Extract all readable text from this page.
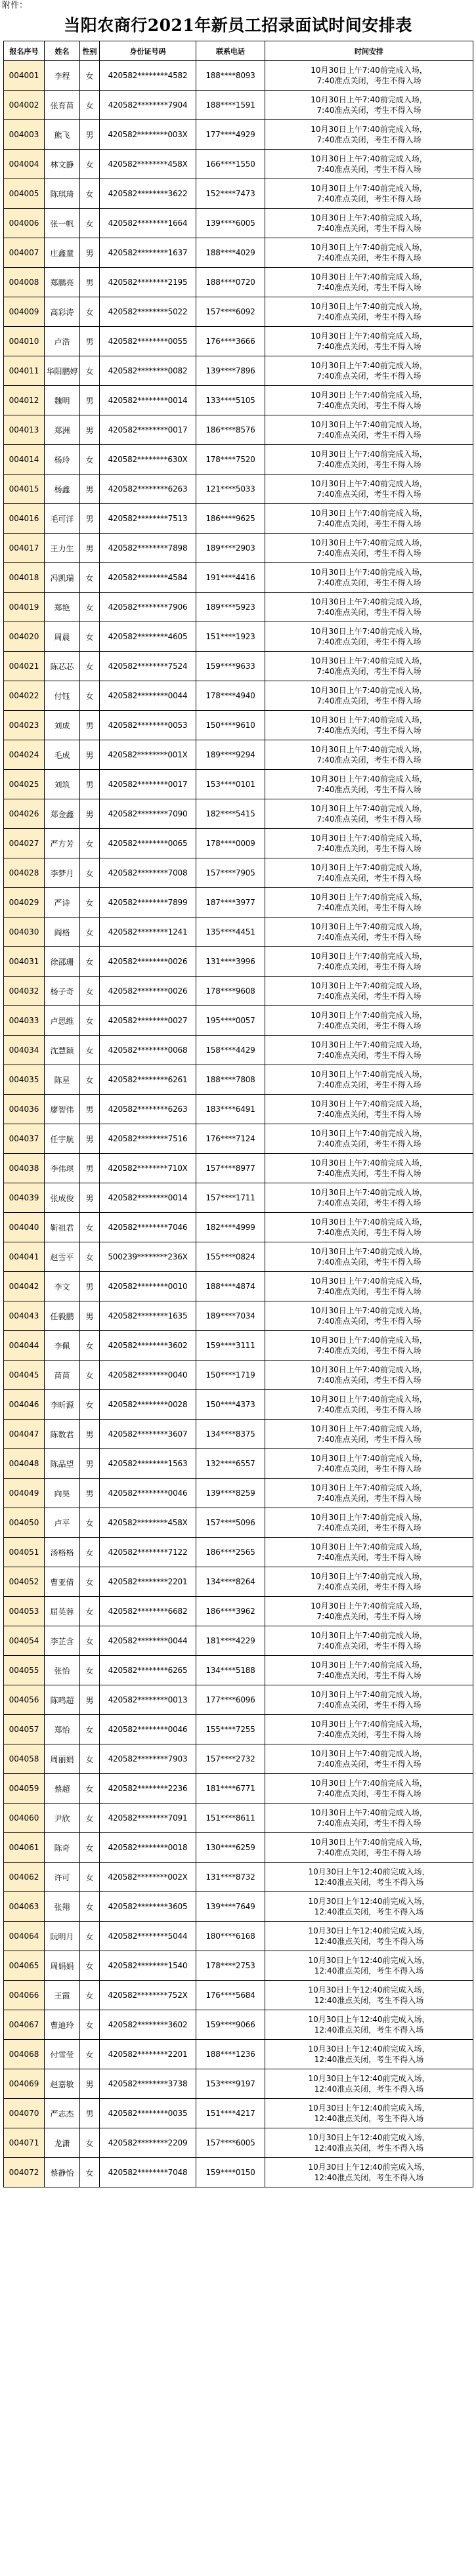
附件：
当阳农商行2021年新员工招录面试时间安排表
报名序号	姓名	性别	身份证号码	联系电话	时间安排
004001	李程	女	420582********4582	188****8093	10月30日上午7:40前完成入场，
7:40准点关闭，考生不得入场

004002	张育苗	女	420582********7904	188****1591	10月30日上午7:40前完成入场，
7:40准点关闭，考生不得入场

004003	熊飞	男	420582********003X	177****4929	10月30日上午7:40前完成入场，
7:40准点关闭，考生不得入场

004004	林文静	女	420582********458X	166****1550	10月30日上午7:40前完成入场，
7:40准点关闭，考生不得入场

004005	陈琪琦	女	420582********3622	152****7473	10月30日上午7:40前完成入场，
7:40准点关闭，考生不得入场

004006	张一帆	女	420582********1664	139****6005	10月30日上午7:40前完成入场，
7:40准点关闭，考生不得入场

004007	庄鑫童	男	420582********1637	188****4029	10月30日上午7:40前完成入场，
7:40准点关闭，考生不得入场

004008	郑鹏亮	男	420582********2195	188****0720	10月30日上午7:40前完成入场，
7:40准点关闭，考生不得入场

004009	高彩涛	女	420582********5022	157****6092	10月30日上午7:40前完成入场，
7:40准点关闭，考生不得入场

004010	卢浩	男	420582********0055	176****3666	10月30日上午7:40前完成入场，
7:40准点关闭，考生不得入场

004011	华阳鹏婷	女	420582********0082	139****7896	10月30日上午7:40前完成入场，
7:40准点关闭，考生不得入场

004012	魏明	男	420582********0014	133****5105	10月30日上午7:40前完成入场，
7:40准点关闭，考生不得入场

004013	郑洲	男	420582********0017	186****8576	10月30日上午7:40前完成入场，
7:40准点关闭，考生不得入场

004014	杨玲	女	420582********630X	178****7520	10月30日上午7:40前完成入场，
7:40准点关闭，考生不得入场

004015	杨鑫	男	420582********6263	121****5033	10月30日上午7:40前完成入场，
7:40准点关闭，考生不得入场

004016	毛可洋	男	420582********7513	186****9625	10月30日上午7:40前完成入场，
7:40准点关闭，考生不得入场

004017	王力生	男	420582********7898	189****2903	10月30日上午7:40前完成入场，
7:40准点关闭，考生不得入场

004018	冯凯瑞	女	420582********4584	191****4416	10月30日上午7:40前完成入场，
7:40准点关闭，考生不得入场

004019	郑艳	女	420582********7906	189****5923	10月30日上午7:40前完成入场，
7:40准点关闭，考生不得入场

004020	周晨	女	420582********4605	151****1923	10月30日上午7:40前完成入场，
7:40准点关闭，考生不得入场

004021	陈芯芯	女	420582********7524	159****9633	10月30日上午7:40前完成入场，
7:40准点关闭，考生不得入场

004022	付钰	女	420582********0044	178****4940	10月30日上午7:40前完成入场，
7:40准点关闭，考生不得入场

004023	刘成	男	420582********0053	150****9610	10月30日上午7:40前完成入场，
7:40准点关闭，考生不得入场

004024	毛成	男	420582********001X	189****9294	10月30日上午7:40前完成入场，
7:40准点关闭，考生不得入场

004025	刘筑	男	420582********0017	153****0101	10月30日上午7:40前完成入场，
7:40准点关闭，考生不得入场

004026	郑金鑫	男	420582********7090	182****5415	10月30日上午7:40前完成入场，
7:40准点关闭，考生不得入场

004027	严方芳	女	420582********0065	178****0009	10月30日上午7:40前完成入场，
7:40准点关闭，考生不得入场

004028	李梦月	女	420582********7008	157****7905	10月30日上午7:40前完成入场，
7:40准点关闭，考生不得入场

004029	严诗	女	420582********7899	187****3977	10月30日上午7:40前完成入场，
7:40准点关闭，考生不得入场

004030	阎格	女	420582********1241	135****4451	10月30日上午7:40前完成入场，
7:40准点关闭，考生不得入场

004031	徐邵珊	女	420582********0026	131****3996	10月30日上午7:40前完成入场，
7:40准点关闭，考生不得入场

004032	杨子奇	女	420582********0026	178****9608	10月30日上午7:40前完成入场，
7:40准点关闭，考生不得入场

004033	卢思维	女	420582********0027	195****0057	10月30日上午7:40前完成入场，
7:40准点关闭，考生不得入场

004034	沈慧颖	女	420582********0068	158****4429	10月30日上午7:40前完成入场，
7:40准点关闭，考生不得入场

004035	陈星	女	420582********6261	188****7808	10月30日上午7:40前完成入场，
7:40准点关闭，考生不得入场

004036	廖智伟	男	420582********6263	183****6491	10月30日上午7:40前完成入场，
7:40准点关闭，考生不得入场

004037	任宇航	男	420582********7516	176****7124	10月30日上午7:40前完成入场，
7:40准点关闭，考生不得入场

004038	李伟琪	男	420582********710X	157****8977	10月30日上午7:40前完成入场，
7:40准点关闭，考生不得入场

004039	张成俊	男	420582********0014	157****1711	10月30日上午7:40前完成入场，
7:40准点关闭，考生不得入场

004040	靳祖君	女	420582********7046	182****4999	10月30日上午7:40前完成入场，
7:40准点关闭，考生不得入场

004041	赵雪平	女	500239********236X	155****0824	10月30日上午7:40前完成入场，
7:40准点关闭，考生不得入场

004042	李文	男	420582********0010	188****4874	10月30日上午7:40前完成入场，
7:40准点关闭，考生不得入场

004043	任毅鹏	男	420582********1635	189****7034	10月30日上午7:40前完成入场，
7:40准点关闭，考生不得入场

004044	李佩	女	420582********3602	159****3111	10月30日上午7:40前完成入场，
7:40准点关闭，考生不得入场

004045	苗苗	女	420582********0040	150****1719	10月30日上午7:40前完成入场，
7:40准点关闭，考生不得入场

004046	李昕源	女	420582********0028	150****4373	10月30日上午7:40前完成入场，
7:40准点关闭，考生不得入场

004047	陈数君	男	420582********3607	134****8375	10月30日上午7:40前完成入场，
7:40准点关闭，考生不得入场

004048	陈品望	男	420582********1563	132****6557	10月30日上午7:40前完成入场，
7:40准点关闭，考生不得入场

004049	向昊	男	420582********0046	139****8259	10月30日上午7:40前完成入场，
7:40准点关闭，考生不得入场

004050	卢平	女	420582********458X	157****5096	10月30日上午7:40前完成入场，
7:40准点关闭，考生不得入场

004051	汤格格	女	420582********7122	186****2565	10月30日上午7:40前完成入场，
7:40准点关闭，考生不得入场

004052	曹亚倩	女	420582********2201	134****8264	10月30日上午7:40前完成入场，
7:40准点关闭，考生不得入场

004053	屈英蓉	女	420582********6682	186****3962	10月30日上午7:40前完成入场，
7:40准点关闭，考生不得入场

004054	李芷含	女	420582********0044	181****4229	10月30日上午7:40前完成入场，
7:40准点关闭，考生不得入场

004055	张怡	女	420582********6265	134****5188	10月30日上午7:40前完成入场，
7:40准点关闭，考生不得入场

004056	陈鸣超	男	420582********0013	177****6096	10月30日上午7:40前完成入场，
7:40准点关闭，考生不得入场

004057	郑怡	女	420582********0046	155****7255	10月30日上午7:40前完成入场，
7:40准点关闭，考生不得入场

004058	周丽娟	女	420582********7903	157****2732	10月30日上午7:40前完成入场，
7:40准点关闭，考生不得入场

004059	蔡超	女	420582********2236	181****6771	10月30日上午7:40前完成入场，
7:40准点关闭，考生不得入场

004060	尹欣	女	420582********7091	151****8611	10月30日上午7:40前完成入场，
7:40准点关闭，考生不得入场

004061	陈奇	女	420582********0018	130****6259	10月30日上午7:40前完成入场，
7:40准点关闭，考生不得入场

004062	许可	女	420582********002X	131****8732	10月30日上午12:40前完成入场，
12:40准点关闭，考生不得入场

004063	张翔	女	420582********3605	139****7649	10月30日上午12:40前完成入场，
12:40准点关闭，考生不得入场

004064	阮明月	女	420582********5044	180****6168	10月30日上午12:40前完成入场，
12:40准点关闭，考生不得入场

004065	周娟娟	女	420582********1540	178****2753	10月30日上午12:40前完成入场，
12:40准点关闭，考生不得入场

004066	王霞	女	420582********752X	176****5684	10月30日上午12:40前完成入场，
12:40准点关闭，考生不得入场

004067	曹迪玲	女	420582********3602	159****9066	10月30日上午12:40前完成入场，
12:40准点关闭，考生不得入场

004068	付雪莹	女	420582********2201	188****1236	10月30日上午12:40前完成入场，
12:40准点关闭，考生不得入场

004069	赵嘉敏	男	420582********3738	153****9197	10月30日上午12:40前完成入场，
12:40准点关闭，考生不得入场

004070	严志杰	男	420582********0035	151****4217	10月30日上午12:40前完成入场，
12:40准点关闭，考生不得入场

004071	龙潇	女	420582********2209	157****6005	10月30日上午12:40前完成入场，
12:40准点关闭，考生不得入场

004072	蔡静怡	女	420582********7048	159****0150	10月30日上午12:40前完成入场，
12:40准点关闭，考生不得入场
